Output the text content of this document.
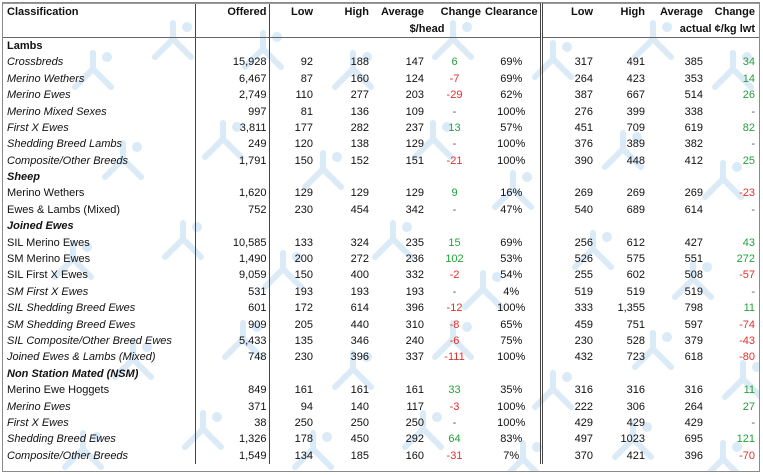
Classification	Offered	Low	High	Average	Change	Clearance	Low	High	Average	Change	
				$/head				actual ¢/kg lwt			
Lambs											
Crossbreds	15,928	92	188	147	6	69%	317	491	385	34	
Merino Wethers	6,467	87	160	124	-7	69%	264	423	353	14	
Merino Ewes	2,749	110	277	203	-29	62%	387	667	514	26	
Merino Mixed Sexes	997	81	136	109	-	100%	276	399	338	-	
First X Ewes	3,811	177	282	237	13	57%	451	709	619	82	
Shedding Breed Lambs	249	120	138	129	-	100%	376	389	382	-	
Composite/Other Breeds	1,791	150	152	151	-21	100%	390	448	412	25	
Sheep											
Merino Wethers	1,620	129	129	129	9	16%	269	269	269	-23	
Ewes & Lambs (Mixed)	752	230	454	342	-	47%	540	689	614	-	
Joined Ewes											
SIL Merino Ewes	10,585	133	324	235	15	69%	256	612	427	43	
SM Merino Ewes	1,490	200	272	236	102	53%	526	575	551	272	
SIL First X Ewes	9,059	150	400	332	-2	54%	255	602	508	-57	
SM First X Ewes	531	193	193	193	-	4%	519	519	519	-	
SIL Shedding Breed Ewes	601	172	614	396	-12	100%	333	1,355	798	11	
SM Shedding Breed Ewes	909	205	440	310	-8	65%	459	751	597	-74	
SIL Composite/Other Breed Ewes	5,433	135	346	240	-6	75%	230	528	379	-43	
Joined Ewes & Lambs (Mixed)	748	230	396	337	-111	100%	432	723	618	-80	
Non Station Mated (NSM)											
Merino Ewe Hoggets	849	161	161	161	33	35%	316	316	316	11	
Merino Ewes	371	94	140	117	-3	100%	222	306	264	27	
First X Ewes	38	250	250	250	-	100%	429	429	429	-	
Shedding Breed Ewes	1,326	178	450	292	64	83%	497	1023	695	121	
Composite/Other Breeds	1,549	134	185	160	-31	7%	370	421	396	-70	
